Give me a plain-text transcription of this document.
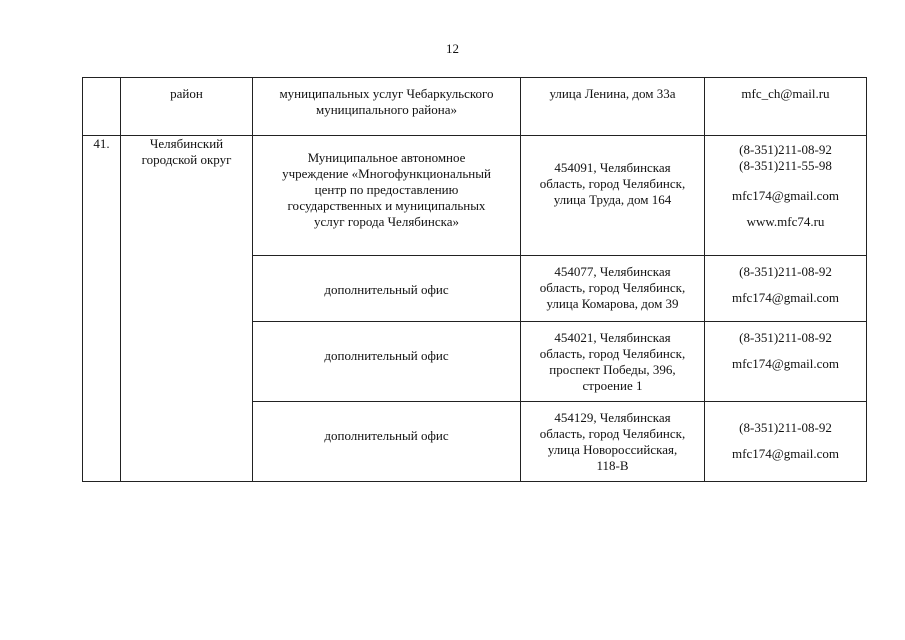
12
	район	муниципальных услуг Чебаркульского
муниципального района»	улица Ленина, дом 33а	mfc_ch@mail.ru
41.	Челябинский
городской округ	Муниципальное автономное
учреждение «Многофункциональный
центр по предоставлению
государственных и муниципальных
услуг города Челябинска»	454091, Челябинская
область, город Челябинск,
улица Труда, дом 164	(8-351)211-08-92
(8-351)211-55-98
mfc174@gmail.com
www.mfc74.ru

		дополнительный офис	454077, Челябинская
область, город Челябинск,
улица Комарова, дом 39	(8-351)211-08-92
mfc174@gmail.com

		дополнительный офис	454021, Челябинская
область, город Челябинск,
проспект Победы, 396,
строение 1	(8-351)211-08-92
mfc174@gmail.com

		дополнительный офис	454129, Челябинская
область, город Челябинск,
улица Новороссийская,
118-В	(8-351)211-08-92
mfc174@gmail.com
